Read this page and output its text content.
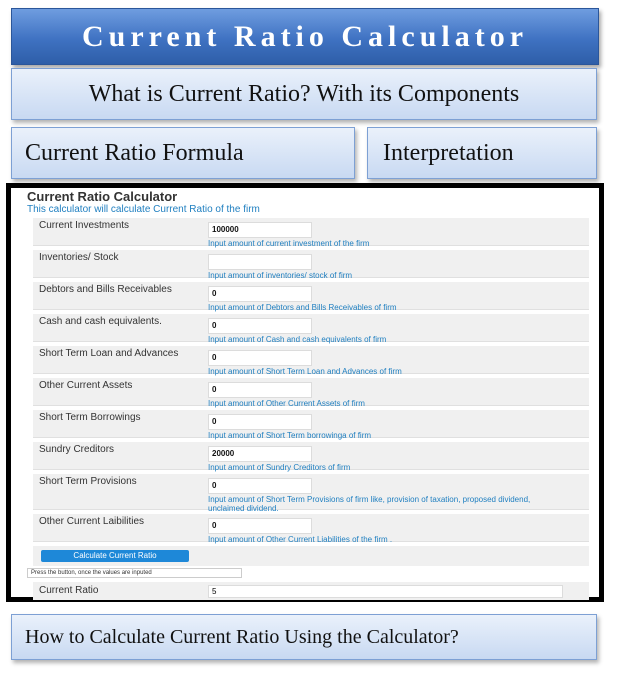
Current Ratio Calculator
What is Current Ratio? With its Components
Current Ratio Formula	Interpretation
Current Ratio Calculator
This calculator will calculate Current Ratio of the firm
Current Investments	100000
Input amount of current investment of the firm
Inventories/ Stock
Input amount of inventories/ stock of firm
Debtors and Bills Receivables	0
Input amount of Debtors and Bills Receivables of firm
Cash and cash equivalents.	0
Input amount of Cash and cash equivalents of firm
Short Term Loan and Advances	0
Input amount of Short Term Loan and Advances of firm
Other Current Assets	0
Input amount of Other Current Assets of firm
Short Term Borrowings	0
Input amount of Short Term borrowinga of firm
Sundry Creditors	20000
Input amount of Sundry Creditors of firm
Short Term Provisions	0
Input amount of Short Term Provisions of firm like, provision of taxation, proposed dividend, unclaimed dividend.
Other Current Laibilities	0
Input amount of Other Current Liabilities of the firm .
Calculate Current Ratio
Press the button, once the values are inputed
Current Ratio	5
How to Calculate Current Ratio Using the Calculator?
